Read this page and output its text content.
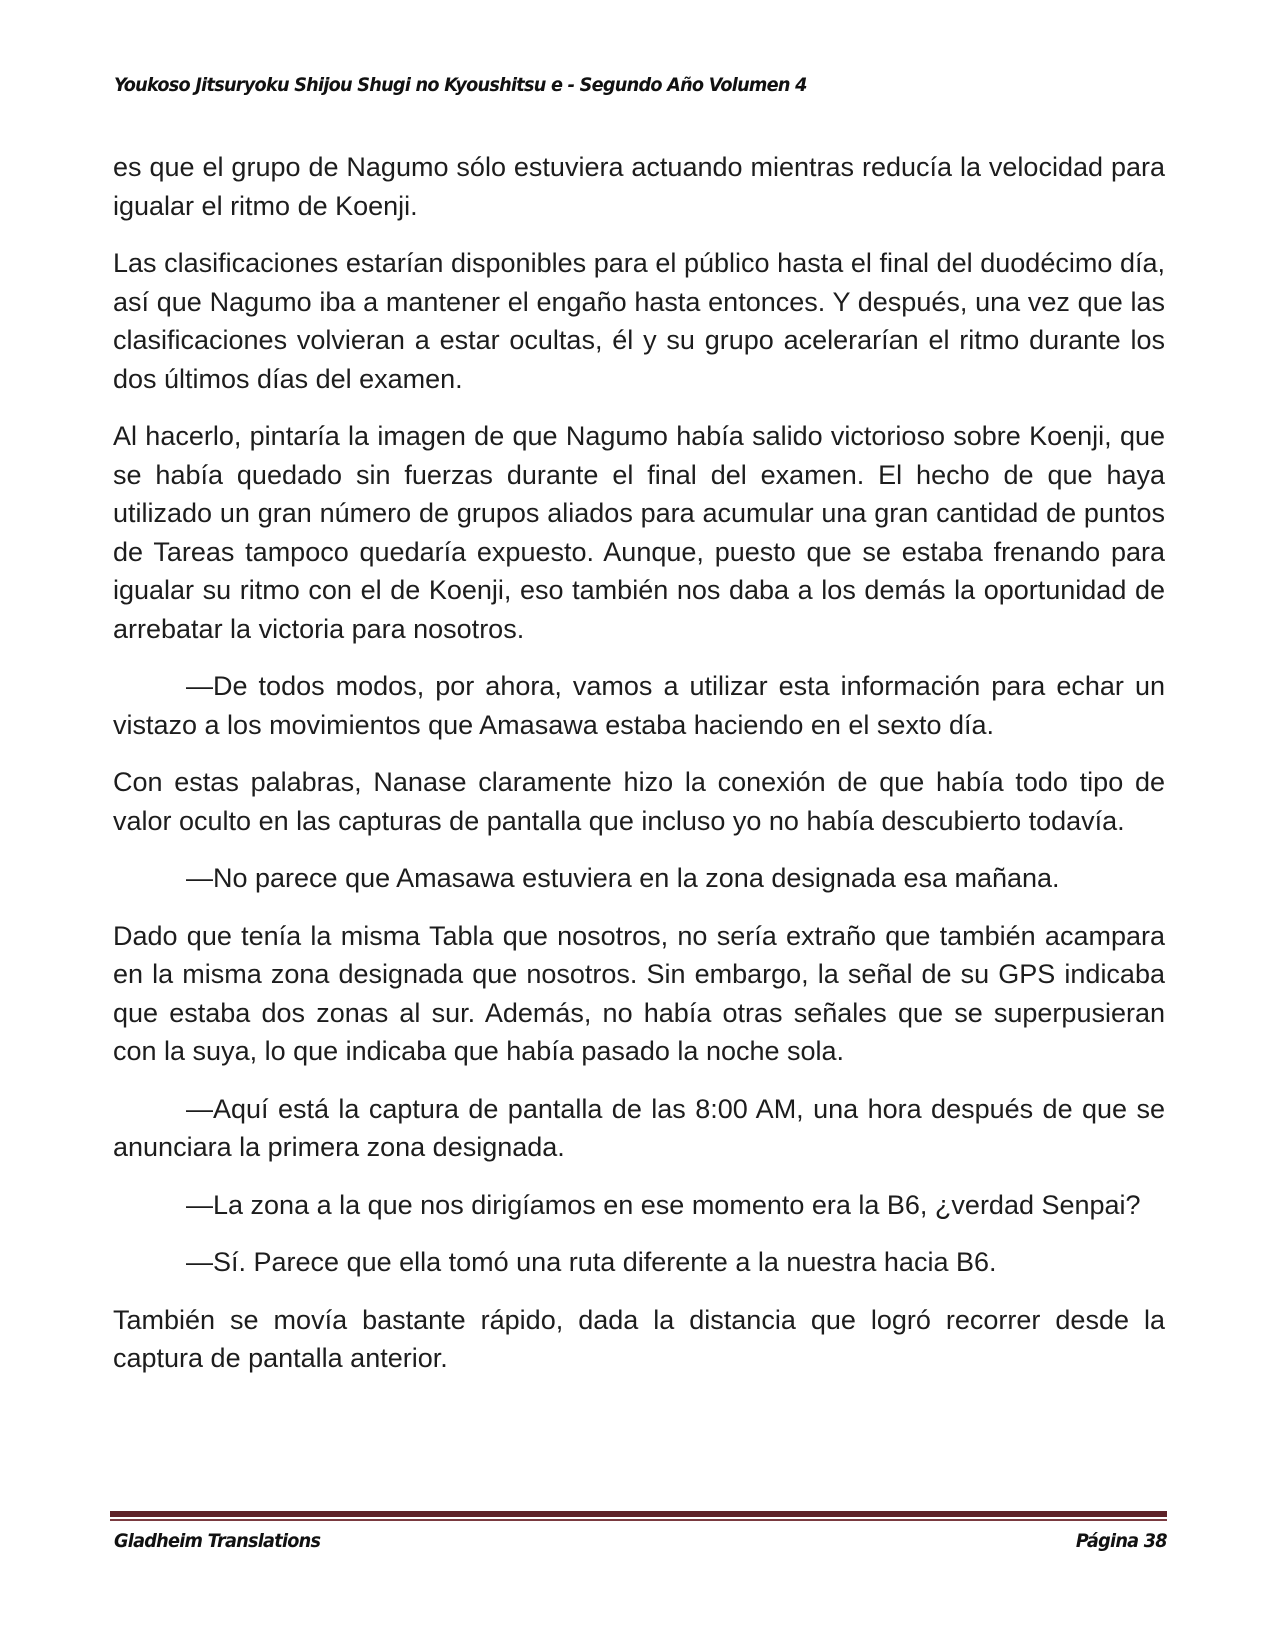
Youkoso Jitsuryoku Shijou Shugi no Kyoushitsu e - Segundo Año Volumen 4

es que el grupo de Nagumo sólo estuviera actuando mientras reducía la velocidad para igualar el ritmo de Koenji.

Las clasificaciones estarían disponibles para el público hasta el final del duodécimo día, así que Nagumo iba a mantener el engaño hasta entonces. Y después, una vez que las clasificaciones volvieran a estar ocultas, él y su grupo acelerarían el ritmo durante los dos últimos días del examen.

Al hacerlo, pintaría la imagen de que Nagumo había salido victorioso sobre Koenji, que se había quedado sin fuerzas durante el final del examen. El hecho de que haya utilizado un gran número de grupos aliados para acumular una gran cantidad de puntos de Tareas tampoco quedaría expuesto. Aunque, puesto que se estaba frenando para igualar su ritmo con el de Koenji, eso también nos daba a los demás la oportunidad de arrebatar la victoria para nosotros.

—De todos modos, por ahora, vamos a utilizar esta información para echar un vistazo a los movimientos que Amasawa estaba haciendo en el sexto día.

Con estas palabras, Nanase claramente hizo la conexión de que había todo tipo de valor oculto en las capturas de pantalla que incluso yo no había descubierto todavía.

—No parece que Amasawa estuviera en la zona designada esa mañana.

Dado que tenía la misma Tabla que nosotros, no sería extraño que también acampara en la misma zona designada que nosotros. Sin embargo, la señal de su GPS indicaba que estaba dos zonas al sur. Además, no había otras señales que se superpusieran con la suya, lo que indicaba que había pasado la noche sola.

—Aquí está la captura de pantalla de las 8:00 AM, una hora después de que se anunciara la primera zona designada.

—La zona a la que nos dirigíamos en ese momento era la B6, ¿verdad Senpai?

—Sí. Parece que ella tomó una ruta diferente a la nuestra hacia B6.

También se movía bastante rápido, dada la distancia que logró recorrer desde la captura de pantalla anterior.

Gladheim Translations	Página 38
